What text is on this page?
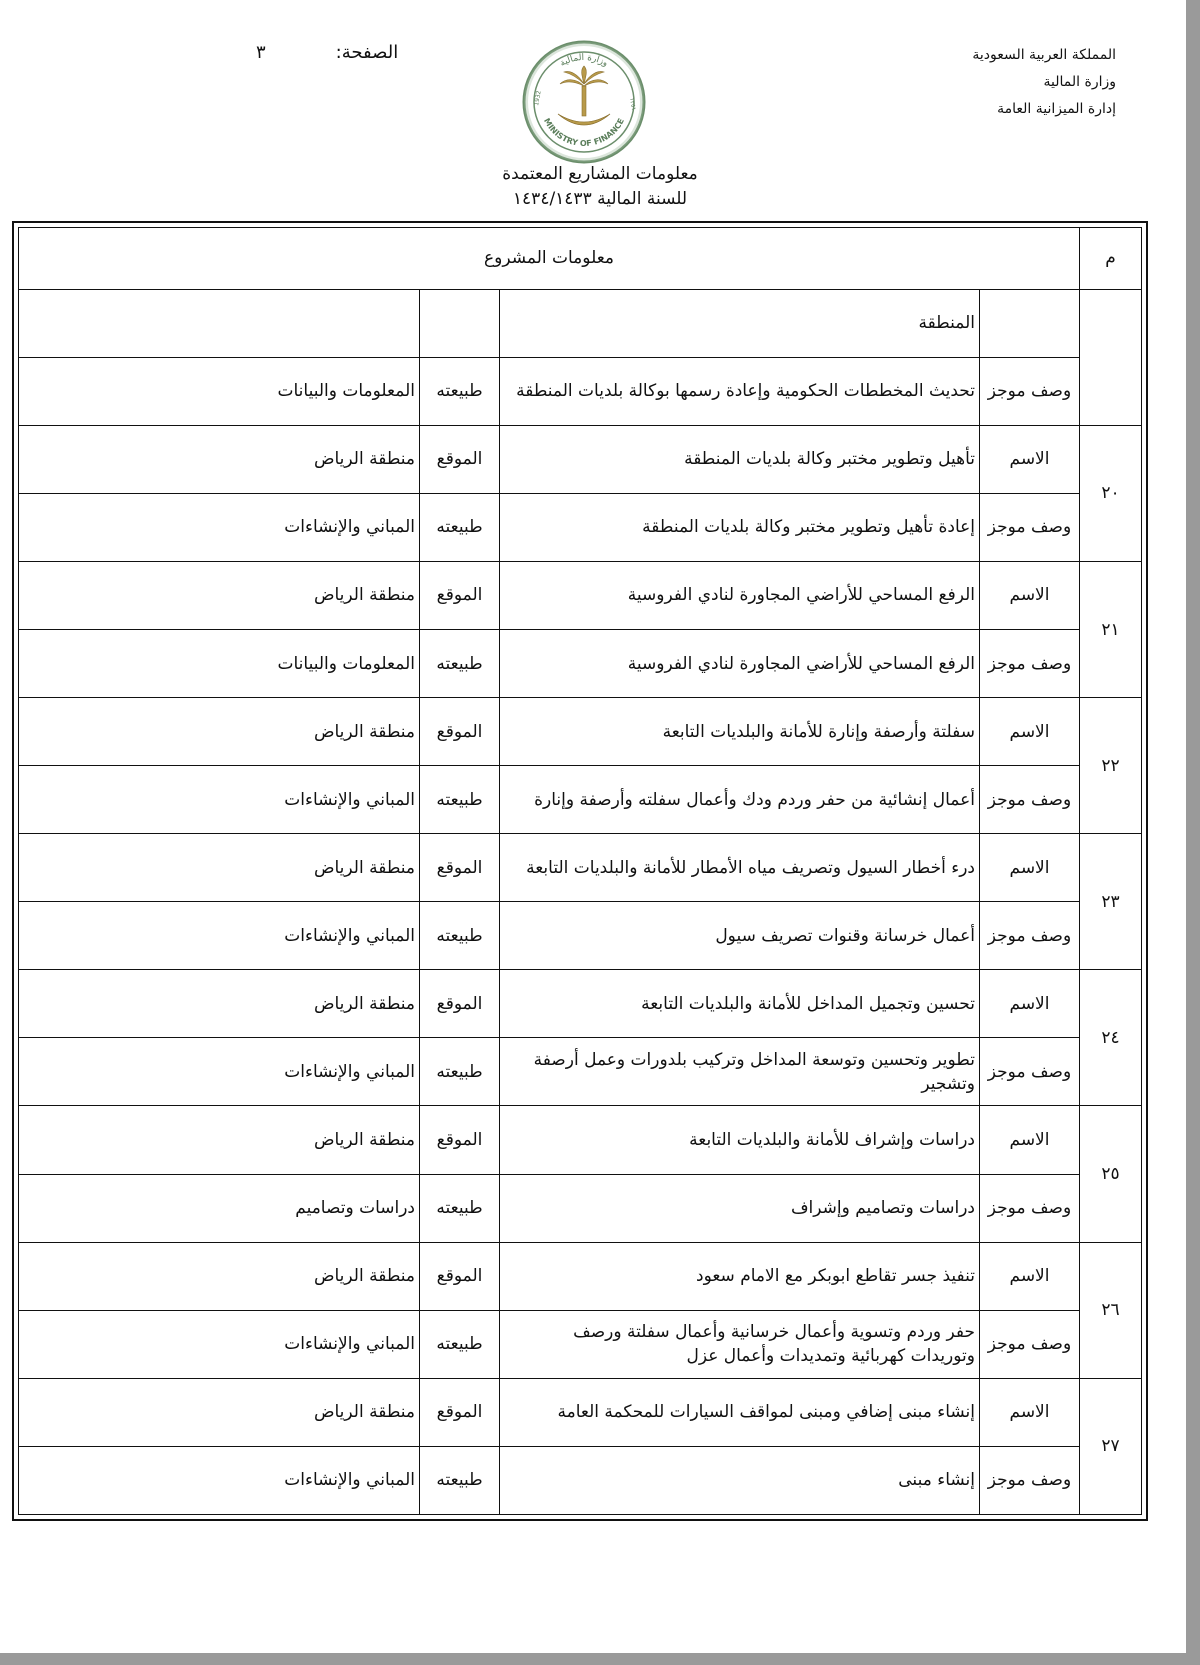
المملكة العربية السعودية
وزارة المالية
إدارة الميزانية العامة
الصفحة:٣
وزارة المالية
MINISTRY OF FINANCE
1932	١٣٥١
معلومات المشاريع المعتمدة
للسنة المالية ١٤٣٤/١٤٣٣
م	معلومات المشروع			
		المنطقة		
	وصف موجز	تحديث المخططات الحكومية وإعادة رسمها بوكالة بلديات المنطقة	طبيعته	المعلومات والبيانات
٢٠	الاسم	تأهيل وتطوير مختبر وكالة بلديات المنطقة	الموقع	منطقة الرياض
	وصف موجز	إعادة تأهيل وتطوير مختبر وكالة بلديات المنطقة	طبيعته	المباني والإنشاءات
٢١	الاسم	الرفع المساحي للأراضي المجاورة لنادي الفروسية	الموقع	منطقة الرياض
	وصف موجز	الرفع المساحي للأراضي المجاورة لنادي الفروسية	طبيعته	المعلومات والبيانات
٢٢	الاسم	سفلتة وأرصفة وإنارة للأمانة والبلديات التابعة	الموقع	منطقة الرياض
	وصف موجز	أعمال إنشائية من حفر وردم ودك وأعمال سفلته وأرصفة وإنارة	طبيعته	المباني والإنشاءات
٢٣	الاسم	درء أخطار السيول وتصريف مياه الأمطار للأمانة والبلديات التابعة	الموقع	منطقة الرياض
	وصف موجز	أعمال خرسانة وقنوات تصريف سيول	طبيعته	المباني والإنشاءات
٢٤	الاسم	تحسين وتجميل المداخل للأمانة والبلديات التابعة	الموقع	منطقة الرياض
	وصف موجز	تطوير وتحسين وتوسعة المداخل وتركيب بلدورات وعمل أرصفة وتشجير	طبيعته	المباني والإنشاءات
٢٥	الاسم	دراسات وإشراف للأمانة والبلديات التابعة	الموقع	منطقة الرياض
	وصف موجز	دراسات وتصاميم وإشراف	طبيعته	دراسات وتصاميم
٢٦	الاسم	تنفيذ جسر تقاطع ابوبكر مع الامام سعود	الموقع	منطقة الرياض
	وصف موجز	حفر وردم وتسوية وأعمال خرسانية وأعمال سفلتة ورصف وتوريدات كهربائية وتمديدات وأعمال عزل	طبيعته	المباني والإنشاءات
٢٧	الاسم	إنشاء مبنى إضافي ومبنى لمواقف السيارات للمحكمة العامة	الموقع	منطقة الرياض
	وصف موجز	إنشاء مبنى	طبيعته	المباني والإنشاءات
